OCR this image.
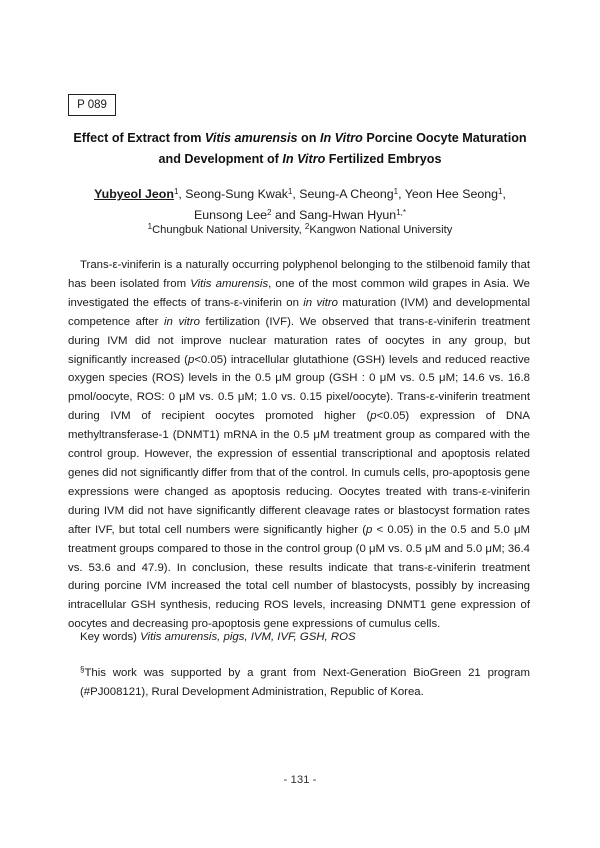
P 089
Effect of Extract from Vitis amurensis on In Vitro Porcine Oocyte Maturation
and Development of In Vitro Fertilized Embryos
Yubyeol Jeon$^1$, Seong-Sung Kwak$^1$, Seung-A Cheong$^1$, Yeon Hee Seong$^1$,
Eunsong Lee$^2$ and Sang-Hwan Hyun$^{1,*}$
$^1$Chungbuk National University, $^2$Kangwon National University
Trans-ε-viniferin is a naturally occurring polyphenol belonging to the stilbenoid family that has been isolated from Vitis amurensis, one of the most common wild grapes in Asia. We investigated the effects of trans-ε-viniferin on in vitro maturation (IVM) and developmental competence after in vitro fertilization (IVF). We observed that trans-ε-viniferin treatment during IVM did not improve nuclear maturation rates of oocytes in any group, but significantly increased (p<0.05) intracellular glutathione (GSH) levels and reduced reactive oxygen species (ROS) levels in the 0.5 μM group (GSH : 0 μM vs. 0.5 μM; 14.6 vs. 16.8 pmol/oocyte, ROS: 0 μM vs. 0.5 μM; 1.0 vs. 0.15 pixel/oocyte). Trans-ε-viniferin treatment during IVM of recipient oocytes promoted higher (p<0.05) expression of DNA methyltransferase-1 (DNMT1) mRNA in the 0.5 μM treatment group as compared with the control group. However, the expression of essential transcriptional and apoptosis related genes did not significantly differ from that of the control. In cumuls cells, pro-apoptosis gene expressions were changed as apoptosis reducing. Oocytes treated with trans-ε-viniferin during IVM did not have significantly different cleavage rates or blastocyst formation rates after IVF, but total cell numbers were significantly higher (p < 0.05) in the 0.5 and 5.0 μM treatment groups compared to those in the control group (0 μM vs. 0.5 μM and 5.0 μM; 36.4 vs. 53.6 and 47.9). In conclusion, these results indicate that trans-ε-viniferin treatment during porcine IVM increased the total cell number of blastocysts, possibly by increasing intracellular GSH synthesis, reducing ROS levels, increasing DNMT1 gene expression of oocytes and decreasing pro-apoptosis gene expressions of cumulus cells.
Key words) Vitis amurensis, pigs, IVM, IVF, GSH, ROS
§This work was supported by a grant from Next-Generation BioGreen 21 program (#PJ008121), Rural Development Administration, Republic of Korea.
- 131 -
